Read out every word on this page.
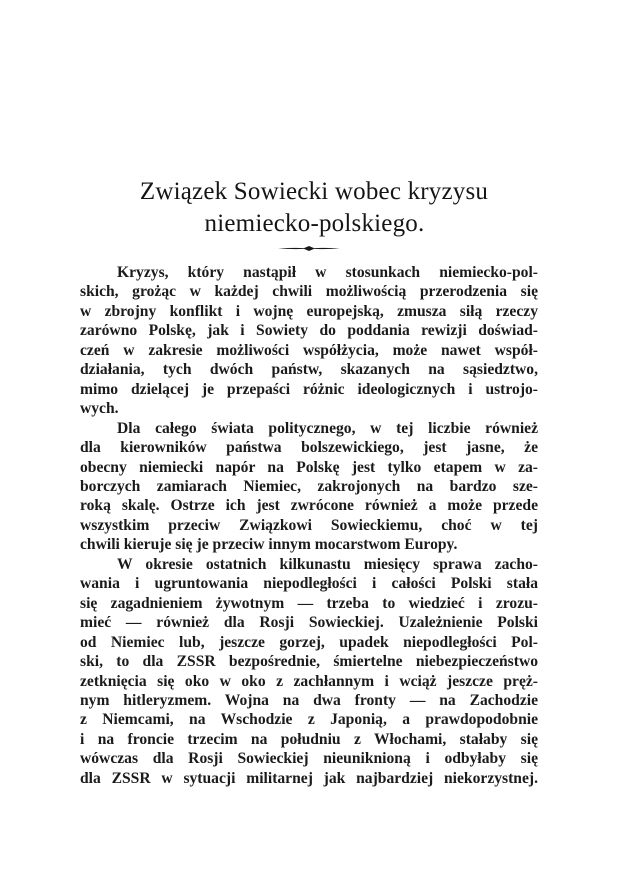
Związek Sowiecki wobec kryzysu
niemiecko-polskiego.
Kryzys, który nastąpił w stosunkach niemiecko-pol-
skich, grożąc w każdej chwili możliwością przerodzenia się
w zbrojny konflikt i wojnę europejską, zmusza siłą rzeczy
zarówno Polskę, jak i Sowiety do poddania rewizji doświad-
czeń w zakresie możliwości współżycia, może nawet współ-
działania, tych dwóch państw, skazanych na sąsiedztwo,
mimo dzielącej je przepaści różnic ideologicznych i ustrojo-
wych.
Dla całego świata politycznego, w tej liczbie również
dla kierowników państwa bolszewickiego, jest jasne, że
obecny niemiecki napór na Polskę jest tylko etapem w za-
borczych zamiarach Niemiec, zakrojonych na bardzo sze-
roką skalę. Ostrze ich jest zwrócone również a może przede
wszystkim przeciw Związkowi Sowieckiemu, choć w tej
chwili kieruje się je przeciw innym mocarstwom Europy.
W okresie ostatnich kilkunastu miesięcy sprawa zacho-
wania i ugruntowania niepodległości i całości Polski stała
się zagadnieniem żywotnym — trzeba to wiedzieć i zrozu-
mieć — również dla Rosji Sowieckiej. Uzależnienie Polski
od Niemiec lub, jeszcze gorzej, upadek niepodległości Pol-
ski, to dla ZSSR bezpośrednie, śmiertelne niebezpieczeństwo
zetknięcia się oko w oko z zachłannym i wciąż jeszcze pręż-
nym hitleryzmem. Wojna na dwa fronty — na Zachodzie
z Niemcami, na Wschodzie z Japonią, a prawdopodobnie
i na froncie trzecim na południu z Włochami, stałaby się
wówczas dla Rosji Sowieckiej nieuniknioną i odbyłaby się
dla ZSSR w sytuacji militarnej jak najbardziej niekorzystnej.
